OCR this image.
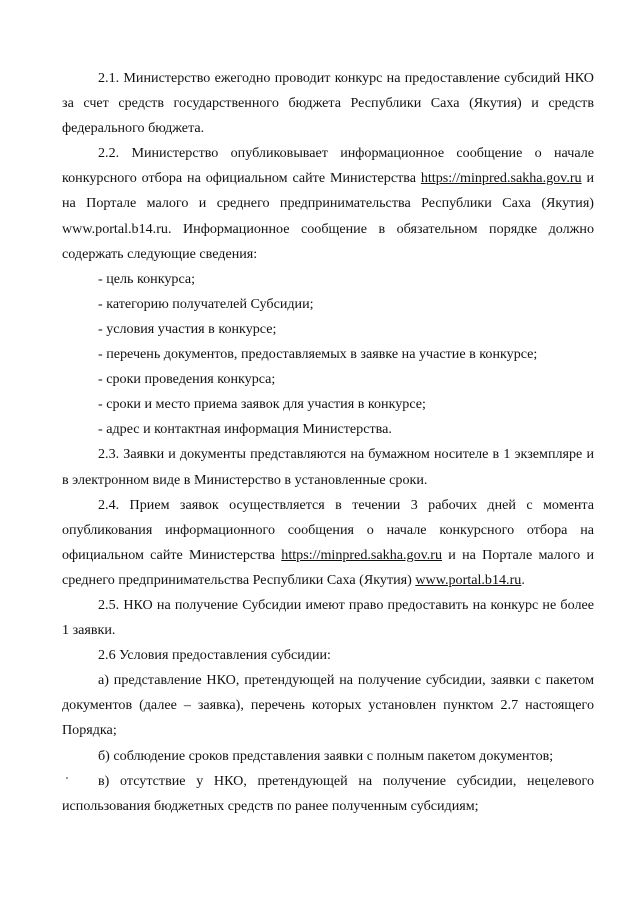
2.1. Министерство ежегодно проводит конкурс на предоставление субсидий НКО за счет средств государственного бюджета Республики Саха (Якутия) и средств федерального бюджета.

2.2. Министерство опубликовывает информационное сообщение о начале конкурсного отбора на официальном сайте Министерства https://minpred.sakha.gov.ru и на Портале малого и среднего предпринимательства Республики Саха (Якутия) www.portal.b14.ru. Информационное сообщение в обязательном порядке должно содержать следующие сведения:

- цель конкурса;

- категорию получателей Субсидии;

- условия участия в конкурсе;

- перечень документов, предоставляемых в заявке на участие в конкурсе;

- сроки проведения конкурса;

- сроки и место приема заявок для участия в конкурсе;

- адрес и контактная информация Министерства.

2.3. Заявки и документы представляются на бумажном носителе в 1 экземпляре и в электронном виде в Министерство в установленные сроки.

2.4. Прием заявок осуществляется в течении 3 рабочих дней с момента опубликования информационного сообщения о начале конкурсного отбора на официальном сайте Министерства https://minpred.sakha.gov.ru и на Портале малого и среднего предпринимательства Республики Саха (Якутия) www.portal.b14.ru.

2.5. НКО на получение Субсидии имеют право предоставить на конкурс не более 1 заявки.

2.6 Условия предоставления субсидии:

а) представление НКО, претендующей на получение субсидии, заявки с пакетом документов (далее – заявка), перечень которых установлен пунктом 2.7 настоящего Порядка;

б) соблюдение сроков представления заявки с полным пакетом документов;

в) отсутствие у НКО, претендующей на получение субсидии, нецелевого использования бюджетных средств по ранее полученным субсидиям;
